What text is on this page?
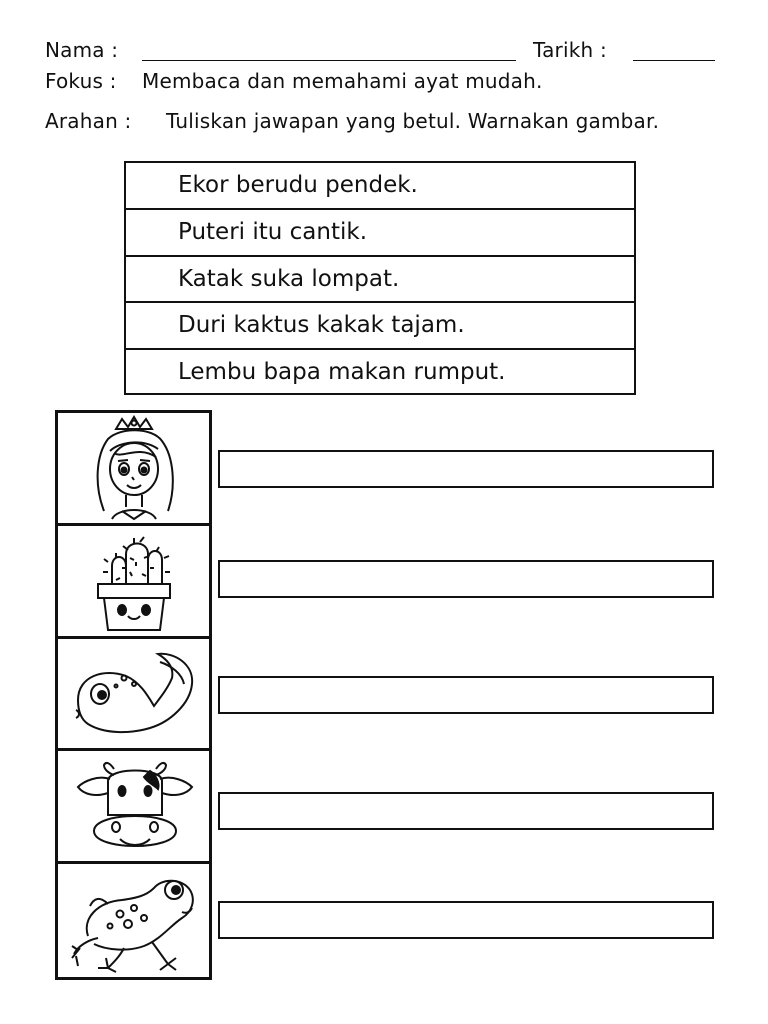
Nama :	Tarikh :
Fokus : Membaca dan memahami ayat mudah.
Arahan : Tuliskan jawapan yang betul. Warnakan gambar.
Ekor berudu pendek.
Puteri itu cantik.
Katak suka lompat.
Duri kaktus kakak tajam.
Lembu bapa makan rumput.
